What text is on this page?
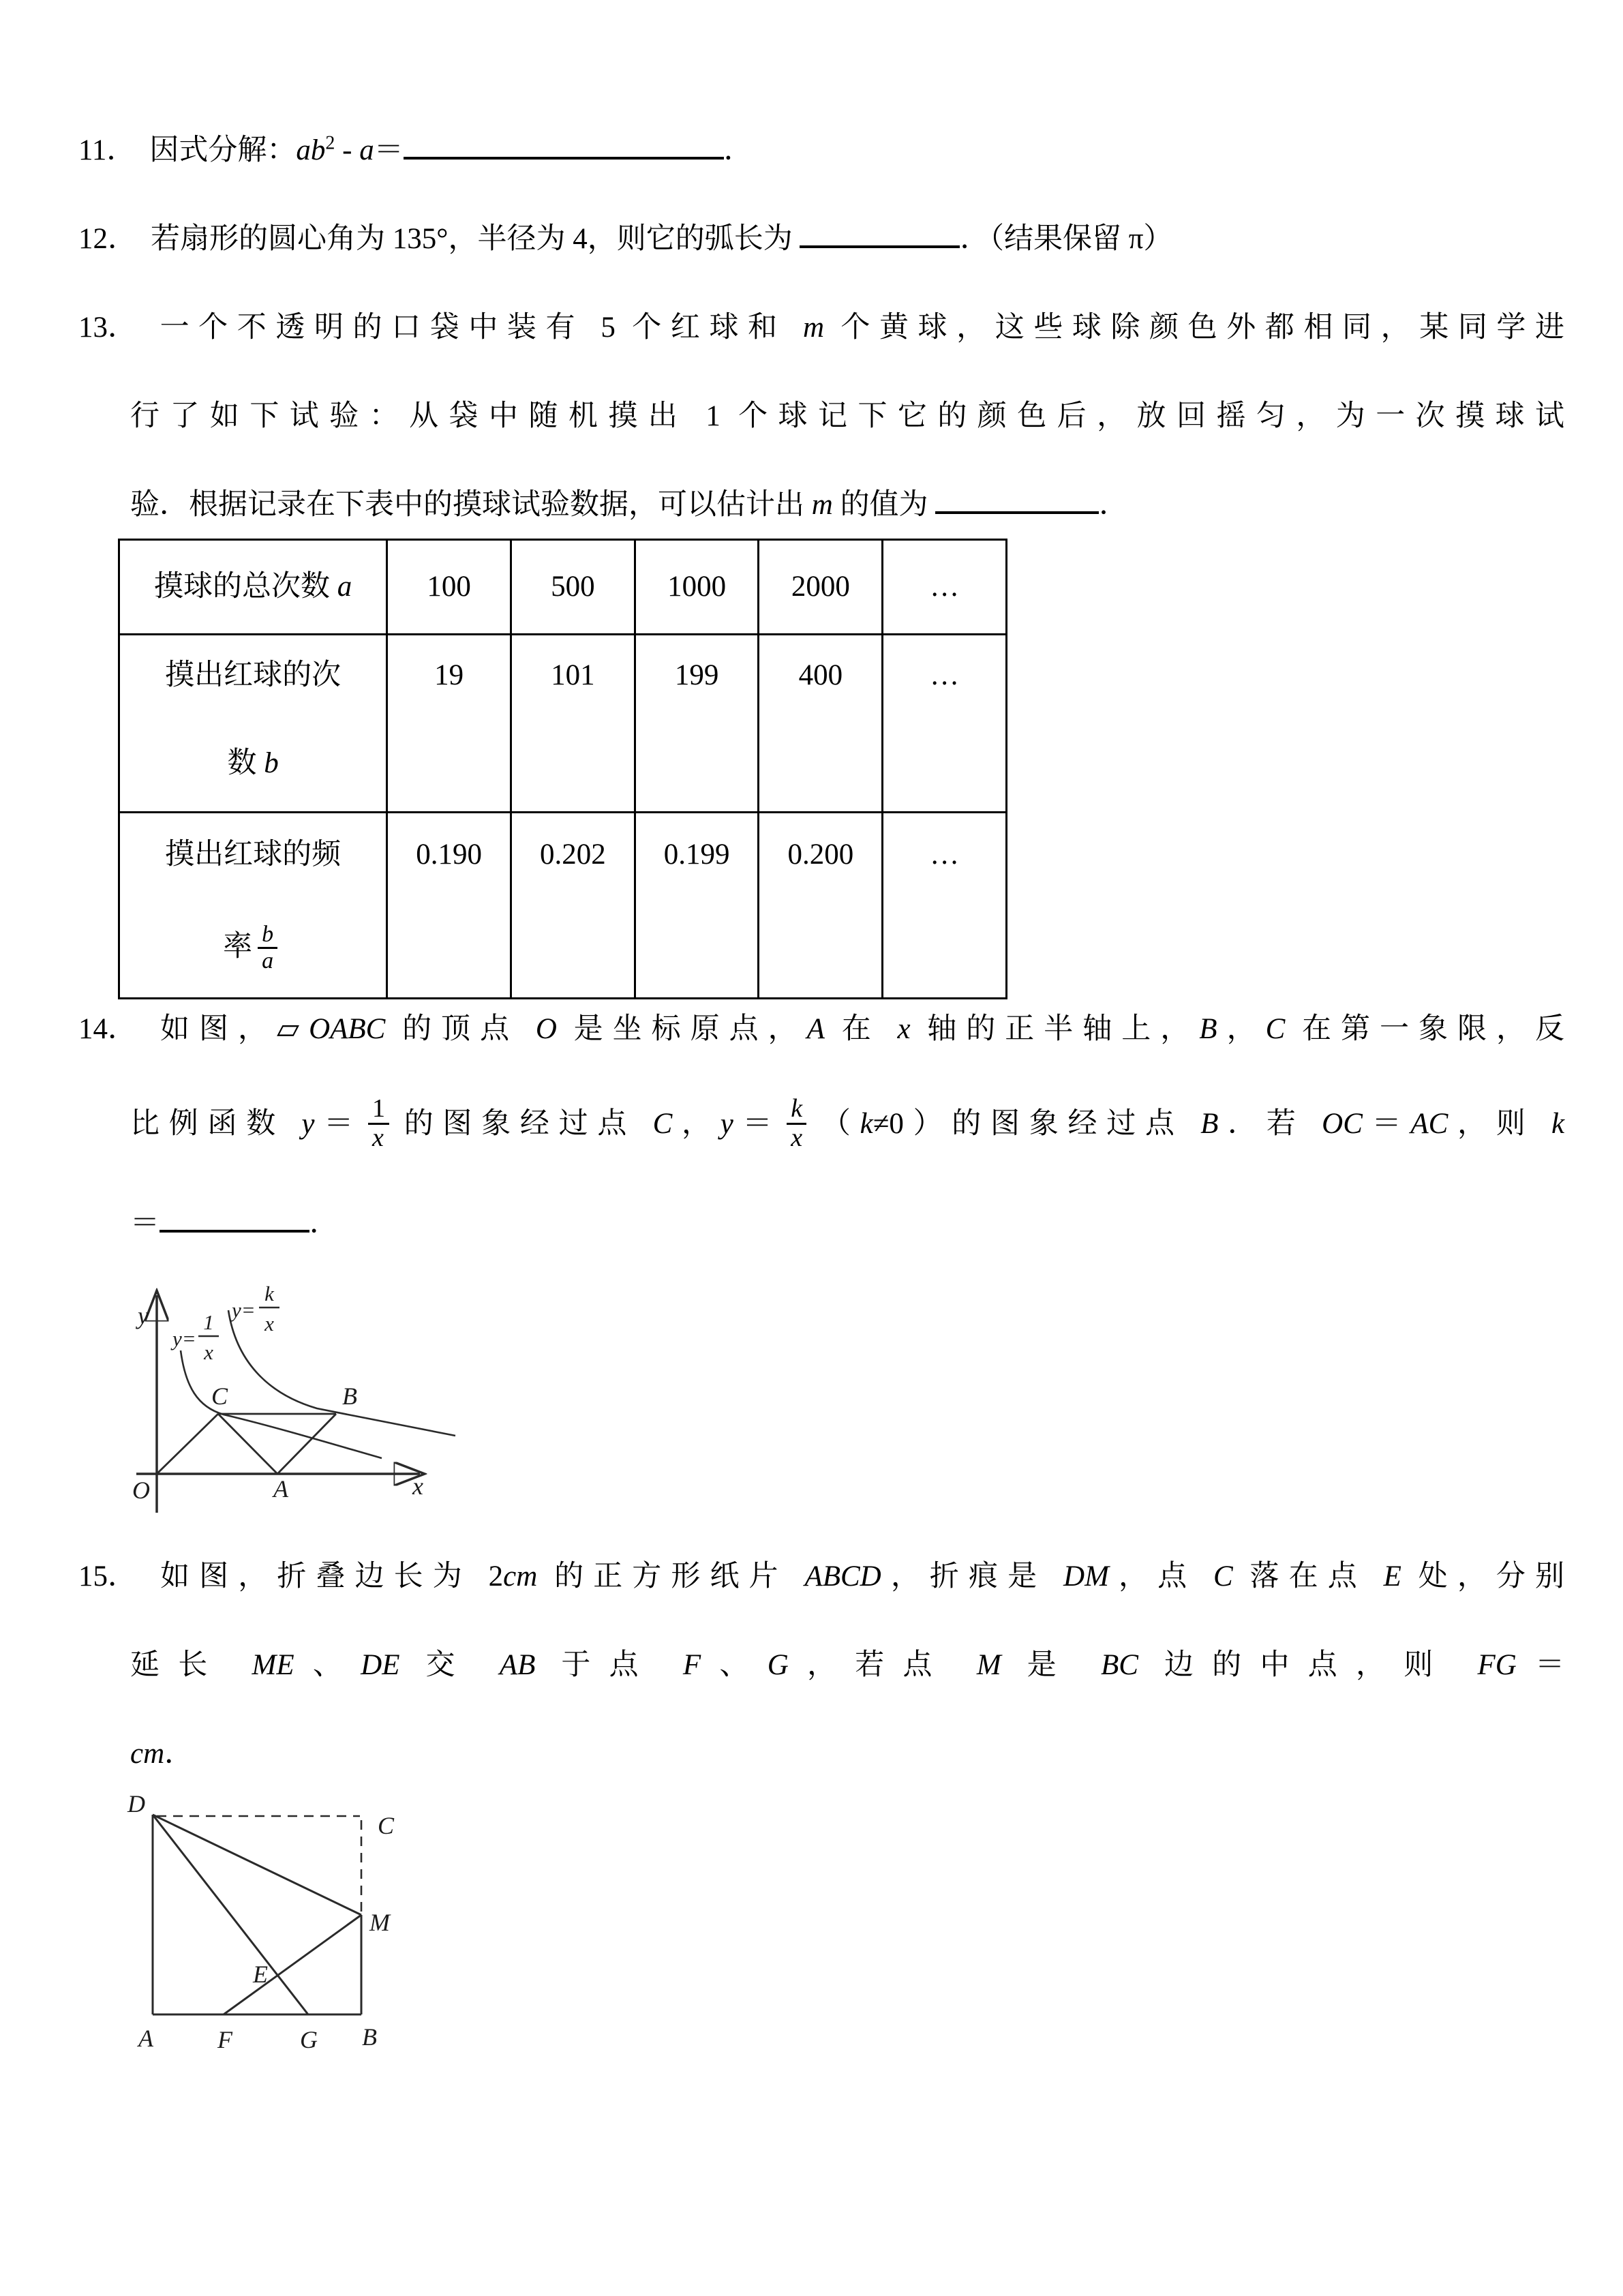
11． 因式分解：$ab^2 - a=$	．
12． 若扇形的圆心角为 135°，半径为 4，则它的弧长为	．（结果保留 π）
13． 一个不透明的口袋中装有 5 个红球和 m 个黄球，这些球除颜色外都相同，某同学进
行了如下试验：从袋中随机摸出 1 个球记下它的颜色后，放回摇匀，为一次摸球试
验．根据记录在下表中的摸球试验数据，可以估计出 m 的值为	．
摸球的总次数 a	100	500	1000	2000	…

摸出红球的次
数 b	19	101	199	400	…

摸出红球的频
率 $\frac{b}{a}$	0.190	0.202	0.199	0.200	…
14． 如图，▱OABC 的顶点 O 是坐标原点，A 在 x 轴的正半轴上，B，C 在第一象限，反
比例函数 $y= \frac{1}{x}$ 的图象经过点 C，$y= \frac{k}{x} (k\ne 0)$的图象经过点 B．若 OC＝AC，则 k
＝	．
y=
1
x
y=
k
x
y
x
O
C	B
A
15． 如图，折叠边长为 2cm 的正方形纸片 ABCD，折痕是 DM，点 C 落在点 E 处，分别
延长 ME、DE 交 AB 于点 F、G，若点 M 是 BC 边的中点，则 FG＝
cm．
D
C
M
E
A	F	G B
